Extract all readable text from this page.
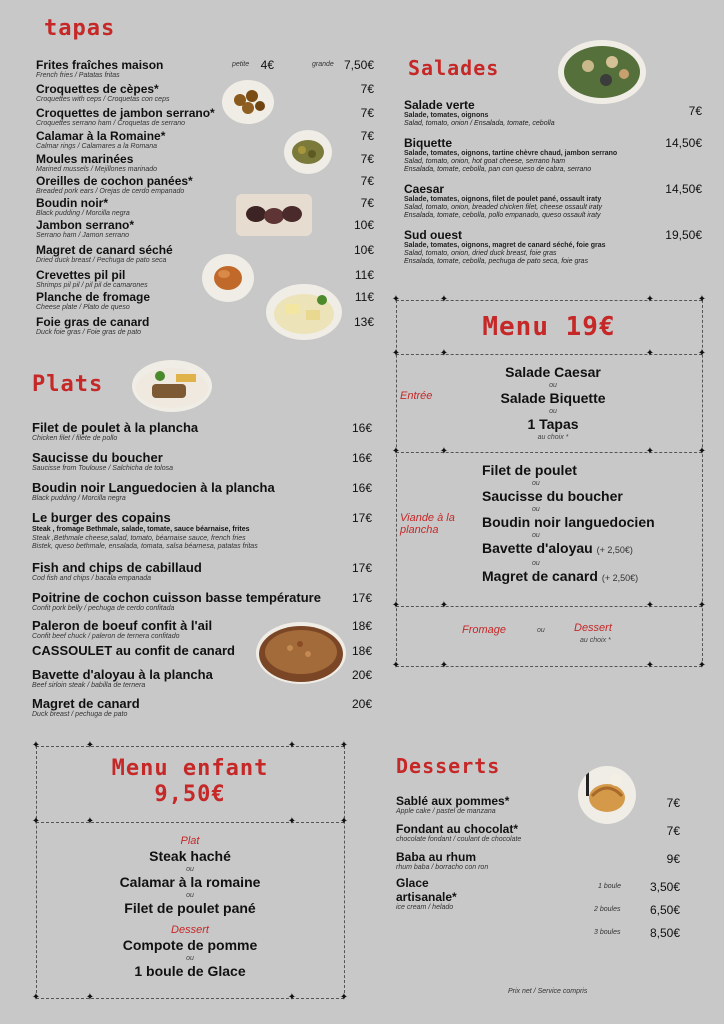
tapas
Frites fraîches maison
French fries / Patatas fritas
petite 4€	grande 7,50€
Croquettes de cèpes*
Croquettes with ceps / Croquetas con ceps
7€
Croquettes de jambon serrano*
Croquettes serrano ham / Croquetas de serrano
7€
Calamar à la Romaine*
Calmar rings / Calamares a la Romana
7€
Moules marinées
Marined mussels / Mejillones marinado
7€
Oreilles de cochon panées*
Breaded pork ears / Orejas de cerdo empanado
7€
Boudin noir*
Black pudding / Morcilla negra
7€
Jambon serrano*
Serrano ham / Jamon serrano
10€
Magret de canard séché
Dried duck breast / Pechuga de pato seca
10€
Crevettes pil pil
Shrimps pil pil / pil pil de camarones
11€
Planche de fromage
Cheese plate / Plato de queso
11€
Foie gras de canard
Duck foie gras / Foie gras de pato
13€
Salades
Salade verte
Salade, tomates, oignons
Salad, tomato, onion / Ensalada, tomate, cebolla
7€
Biquette
Salade, tomates, oignons, tartine chèvre chaud, jambon serrano
Salad, tomato, onion, hot goat cheese, serrano ham
Ensalada, tomate, cebolla, pan con queso de cabra, serrano
14,50€
Caesar
Salade, tomates, oignons, filet de poulet pané, ossault iraty
Salad, tomato, onion, breaded chicken filet, cheese ossault iraty
Ensalada, tomate, cebolla, pollo empanado, queso ossault iraty
14,50€
Sud ouest
Salade, tomates, oignons, magret de canard séché, foie gras
Salad, tomato, onion, dried duck breast, foie gras
Ensalada, tomate, cebolla, pechuga de pato seca, foie gras
19,50€
✦	✦	✦	✦
✦	✦	✦	✦
✦	✦	✦	✦
✦	✦	✦	✦
✦	✦	✦	✦
Menu 19€
Entrée
Salade Caesar
ou
Salade Biquette
ou
1 Tapas
au choix *
Viande à la plancha
Filet de poulet
ou
Saucisse du boucher
ou
Boudin noir languedocien
ou
Bavette d'aloyau (+ 2,50€)
ou
Magret de canard (+ 2,50€)
Fromage	ou	Dessert
au choix *
Plats
Filet de poulet à la plancha
Chicken filet / filete de pollo
16€
Saucisse du boucher
Saucisse from Toulouse / Salchicha de tolosa
16€
Boudin noir Languedocien à la plancha
Black pudding / Morcilla negra
16€
Le burger des copains
Steak , fromage Bethmale, salade, tomate, sauce béarnaise, frites
Steak ,Bethmale cheese,salad, tomato, béarnaise sauce, french fries
Bistek, queso bethmale, ensalada, tomata, salsa béarnesa, patatas fritas
17€
Fish and chips de cabillaud
Cod fish and chips / bacala empanada
17€
Poitrine de cochon cuisson basse température
Confit pork belly / pechuga de cerdo confitada
17€
Paleron de boeuf confit à l'ail
Confit beef chuck / paleron de ternera confitado
18€
CASSOULET au confit de canard	18€
Bavette d'aloyau à la plancha
Beef sirloin steak / babilla de ternera
20€
Magret de canard
Duck breast / pechuga de pato
20€
✦	✦	✦	✦
✦	✦	✦	✦
✦	✦	✦	✦
Menu enfant
9,50€
Plat
Steak haché
ou
Calamar à la romaine
ou
Filet de poulet pané
Dessert
Compote de pomme
ou
1 boule de Glace
Desserts
Sablé aux pommes*
Apple cake / pastel de manzana
7€
Fondant au chocolat*
chocolate fondant / coulant de chocolate
7€
Baba au rhum
rhum baba / borracho con ron
9€
Glace
artisanale*
ice cream / helado
1 boule	3,50€
2 boules	6,50€
3 boules	8,50€
Prix net / Service compris
